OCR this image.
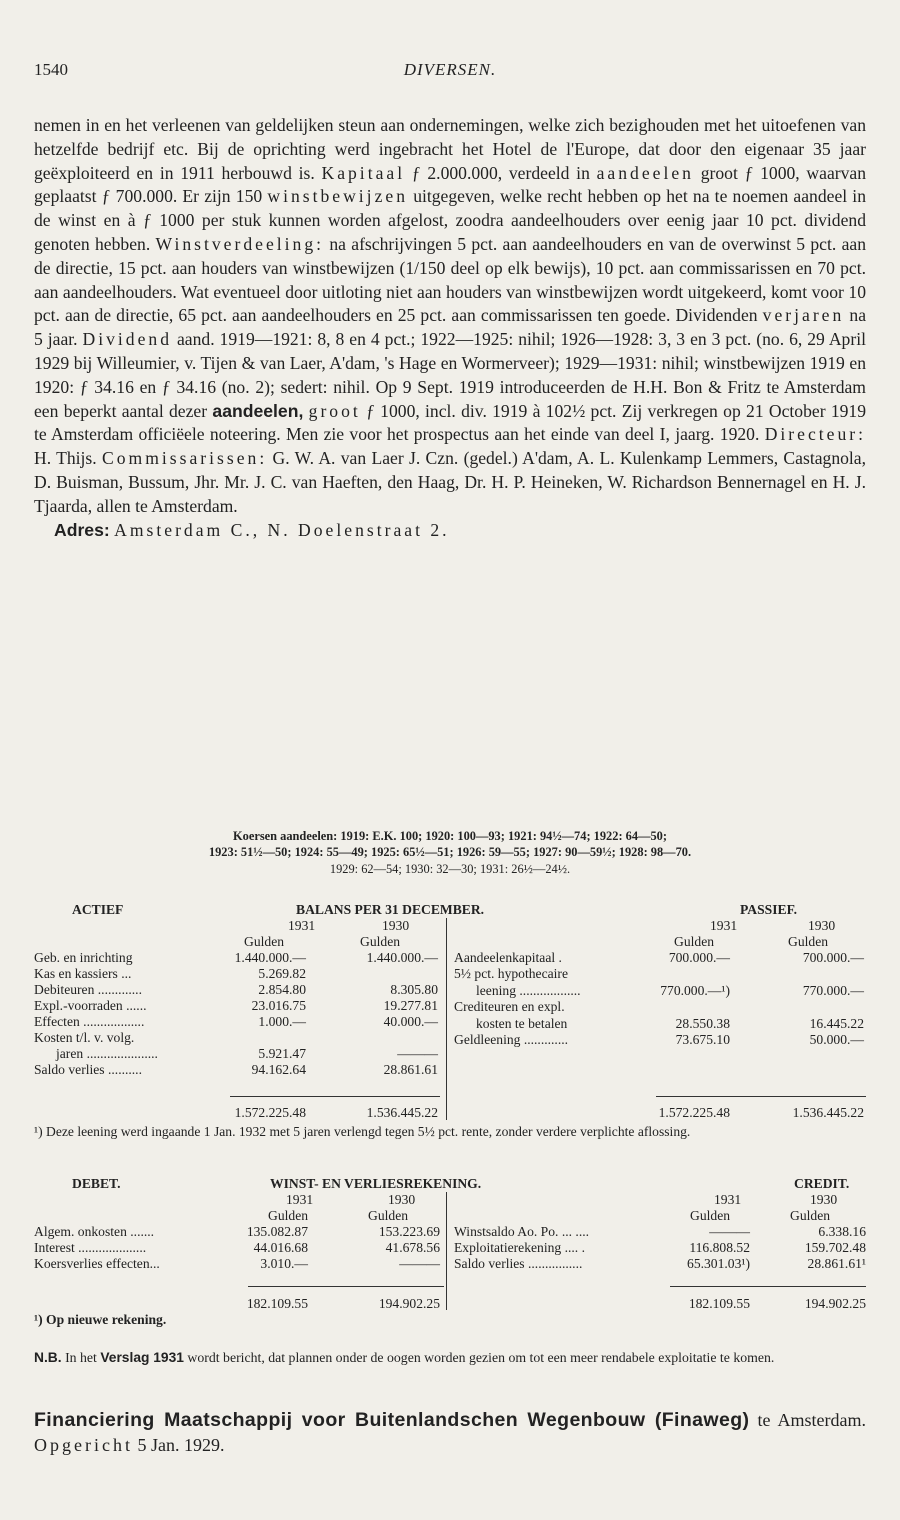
1540	DIVERSEN.

nemen in en het verleenen van geldelijken steun aan ondernemingen, welke zich bezighouden met het uitoefenen van hetzelfde bedrijf etc. Bij de oprichting werd ingebracht het Hotel de l'Europe, dat door den eigenaar 35 jaar geëxploiteerd en in 1911 herbouwd is. Kapitaal ƒ 2.000.000, verdeeld in aandeelen groot ƒ 1000, waarvan geplaatst ƒ 700.000. Er zijn 150 winstbewijzen uitgegeven, welke recht hebben op het na te noemen aandeel in de winst en à ƒ 1000 per stuk kunnen worden afgelost, zoodra aandeelhouders over eenig jaar 10 pct. dividend genoten hebben. Winstverdeeling: na afschrijvingen 5 pct. aan aandeelhouders en van de overwinst 5 pct. aan de directie, 15 pct. aan houders van winstbewijzen (1/150 deel op elk bewijs), 10 pct. aan commissarissen en 70 pct. aan aandeelhouders. Wat eventueel door uitloting niet aan houders van winstbewijzen wordt uitgekeerd, komt voor 10 pct. aan de directie, 65 pct. aan aandeelhouders en 25 pct. aan commissarissen ten goede. Dividenden verjaren na 5 jaar. Dividend aand. 1919—1921: 8, 8 en 4 pct.; 1922—1925: nihil; 1926—1928: 3, 3 en 3 pct. (no. 6, 29 April 1929 bij Willeumier, v. Tijen & van Laer, A'dam, 's Hage en Wormerveer); 1929—1931: nihil; winstbewijzen 1919 en 1920: ƒ 34.16 en ƒ 34.16 (no. 2); sedert: nihil. Op 9 Sept. 1919 introduceerden de H.H. Bon & Fritz te Amsterdam een beperkt aantal dezer aandeelen, groot ƒ 1000, incl. div. 1919 à 102½ pct. Zij verkregen op 21 October 1919 te Amsterdam officiëele noteering. Men zie voor het prospectus aan het einde van deel I, jaarg. 1920. Directeur: H. Thijs. Commissarissen: G. W. A. van Laer J. Czn. (gedel.) A'dam, A. L. Kulenkamp Lemmers, Castagnola, D. Buisman, Bussum, Jhr. Mr. J. C. van Haeften, den Haag, Dr. H. P. Heineken, W. Richardson Bennernagel en H. J. Tjaarda, allen te Amsterdam.

Adres: Amsterdam C., N. Doelenstraat 2.

Koersen aandeelen: 1919: E.K. 100; 1920: 100—93; 1921: 94½—74; 1922: 64—50;
1923: 51½—50; 1924: 55—49; 1925: 65½—51; 1926: 59—55; 1927: 90—59½; 1928: 98—70.
1929: 62—54; 1930: 32—30; 1931: 26½—24½.
ACTIEF	BALANS PER 31 DECEMBER.	PASSIEF.
1931	1930	1931	1930
Gulden	Gulden	Gulden	Gulden
Geb. en inrichting	1.440.000.—	1.440.000.—
Kas en kassiers ...	5.269.82
Debiteuren .............	2.854.80	8.305.80
Expl.-voorraden ......	23.016.75	19.277.81
Effecten ..................	1.000.—	40.000.—
Kosten t/l. v. volg.
jaren .....................	5.921.47	———
Saldo verlies ..........	94.162.64	28.861.61
Aandeelenkapitaal .	700.000.—	700.000.—
5½ pct. hypothecaire
leening ..................	770.000.—¹)	770.000.—
Crediteuren en expl.
kosten te betalen	28.550.38	16.445.22
Geldleening .............	73.675.10	50.000.—
1.572.225.48	1.536.445.22	1.572.225.48	1.536.445.22
¹) Deze leening werd ingaande 1 Jan. 1932 met 5 jaren verlengd tegen 5½ pct. rente, zonder verdere verplichte aflossing.
DEBET.	WINST- EN VERLIESREKENING.	CREDIT.
1931	1930	1931	1930
Gulden	Gulden	Gulden	Gulden
Algem. onkosten .......	135.082.87	153.223.69
Interest ....................	44.016.68	41.678.56
Koersverlies effecten...	3.010.—	———
Winstsaldo Ao. Po. ... ....	———	6.338.16
Exploitatierekening .... .	116.808.52	159.702.48
Saldo verlies ................	65.301.03¹)	28.861.61¹
182.109.55	194.902.25	182.109.55	194.902.25
¹) Op nieuwe rekening.
N.B. In het Verslag 1931 wordt bericht, dat plannen onder de oogen worden gezien om tot een meer rendabele exploitatie te komen.
Financiering Maatschappij voor Buitenlandschen Wegenbouw (Finaweg) te Amsterdam. Opgericht 5 Jan. 1929.
